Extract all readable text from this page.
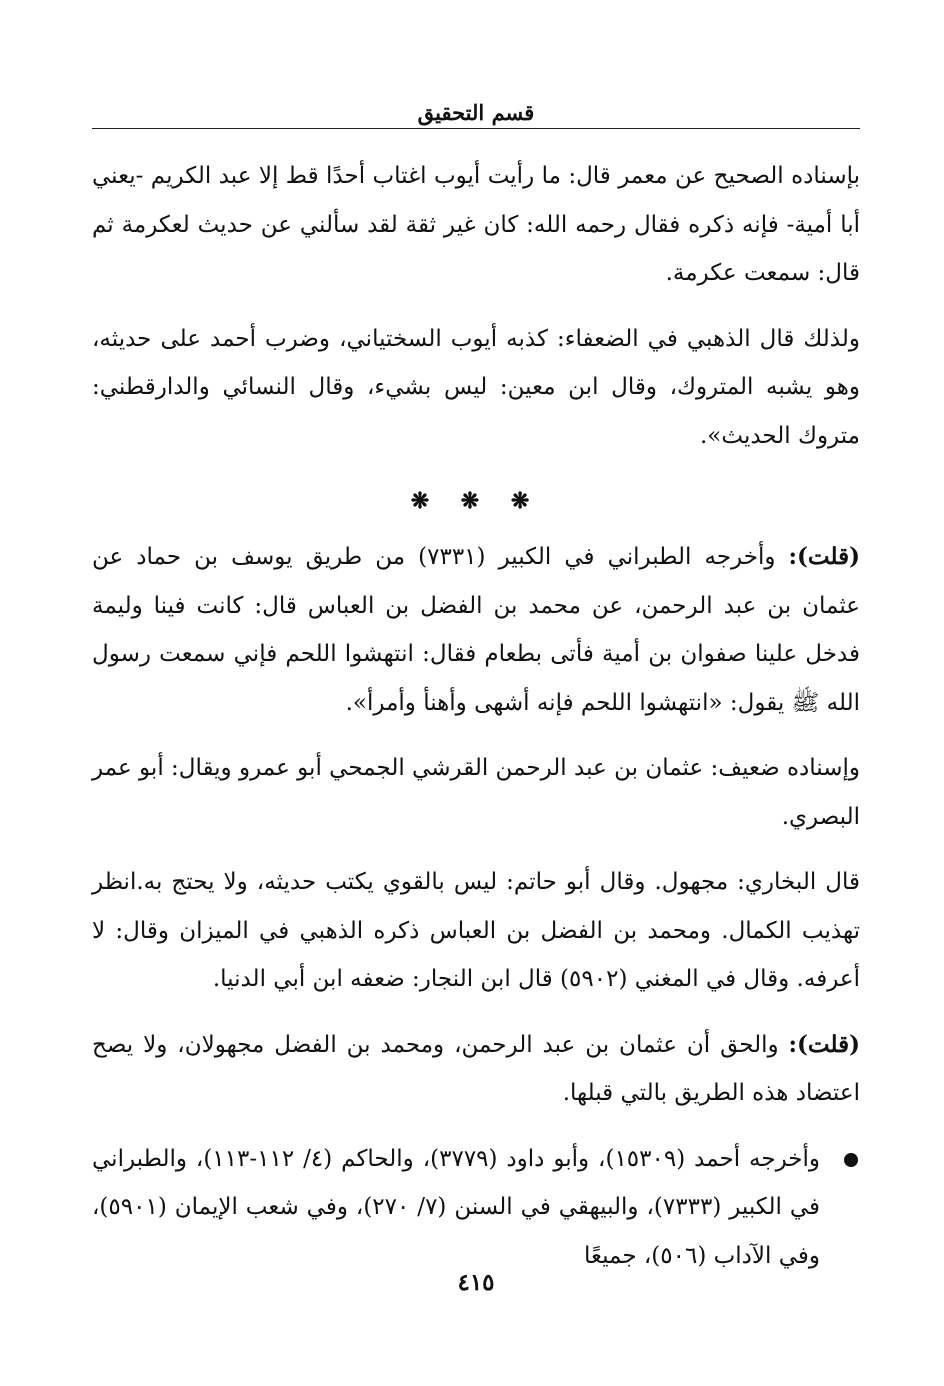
قسم التحقيق

بإسناده الصحيح عن معمر قال: ما رأيت أيوب اغتاب أحدًا قط إلا عبد الكريم -يعني أبا أمية- فإنه ذكره فقال رحمه الله: كان غير ثقة لقد سألني عن حديث لعكرمة ثم قال: سمعت عكرمة.

ولذلك قال الذهبي في الضعفاء: كذبه أيوب السختياني، وضرب أحمد على حديثه، وهو يشبه المتروك، وقال ابن معين: ليس بشيء، وقال النسائي والدارقطني: متروك الحديث».

❋ ❋ ❋

(قلت): وأخرجه الطبراني في الكبير (٧٣٣١) من طريق يوسف بن حماد عن عثمان بن عبد الرحمن، عن محمد بن الفضل بن العباس قال: كانت فينا وليمة فدخل علينا صفوان بن أمية فأتى بطعام فقال: انتهشوا اللحم فإني سمعت رسول الله ﷺ يقول: «انتهشوا اللحم فإنه أشهى وأهنأ وأمرأ».

وإسناده ضعيف: عثمان بن عبد الرحمن القرشي الجمحي أبو عمرو ويقال: أبو عمر البصري.

قال البخاري: مجهول. وقال أبو حاتم: ليس بالقوي يكتب حديثه، ولا يحتج به.انظر تهذيب الكمال. ومحمد بن الفضل بن العباس ذكره الذهبي في الميزان وقال: لا أعرفه. وقال في المغني (٥٩٠٢) قال ابن النجار: ضعفه ابن أبي الدنيا.

(قلت): والحق أن عثمان بن عبد الرحمن، ومحمد بن الفضل مجهولان، ولا يصح اعتضاد هذه الطريق بالتي قبلها.

وأخرجه أحمد (١٥٣٠٩)، وأبو داود (٣٧٧٩)، والحاكم (٤/ ١١٢-١١٣)، والطبراني في الكبير (٧٣٣٣)، والبيهقي في السنن (٧/ ٢٧٠)، وفي شعب الإيمان (٥٩٠١)، وفي الآداب (٥٠٦)، جميعًا

٤١٥
